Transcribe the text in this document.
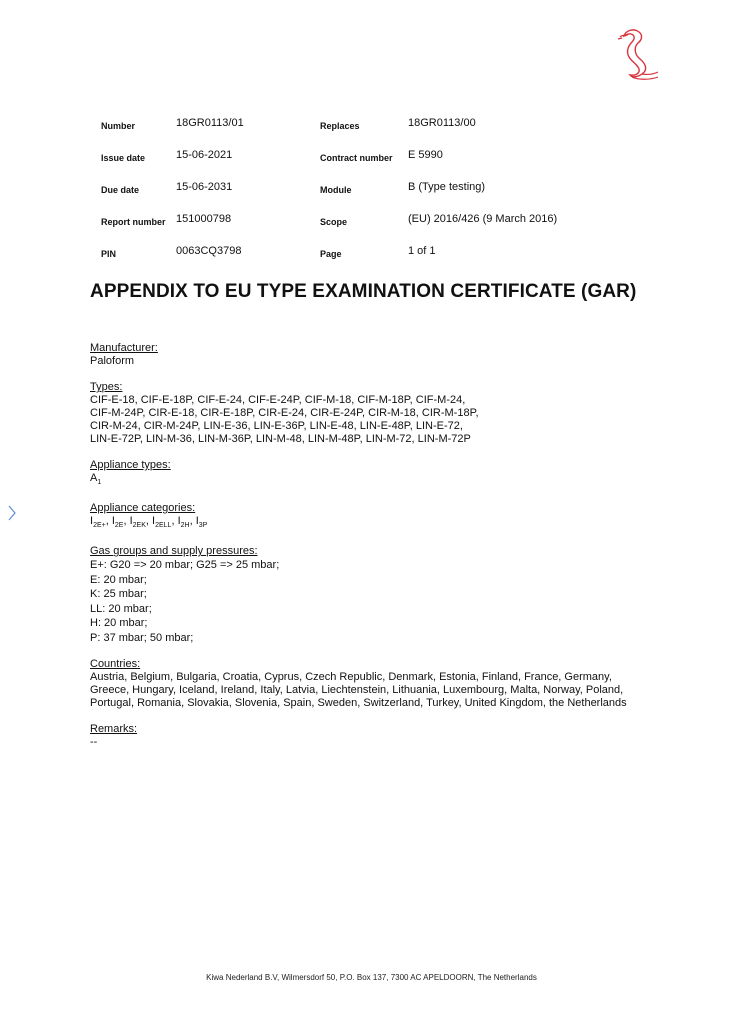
Number	18GR0113/01	Replaces	18GR0113/00
Issue date	15-06-2021	Contract number E 5990
Due date	15-06-2031	Module	B (Type testing)
Report number 151000798	Scope	(EU) 2016/426 (9 March 2016)
PIN	0063CQ3798	Page	1 of 1
APPENDIX TO EU TYPE EXAMINATION CERTIFICATE (GAR)
Manufacturer:
Paloform
Types:
CIF-E-18, CIF-E-18P, CIF-E-24, CIF-E-24P, CIF-M-18, CIF-M-18P, CIF-M-24,
CIF-M-24P, CIR-E-18, CIR-E-18P, CIR-E-24, CIR-E-24P, CIR-M-18, CIR-M-18P,
CIR-M-24, CIR-M-24P, LIN-E-36, LIN-E-36P, LIN-E-48, LIN-E-48P, LIN-E-72,
LIN-E-72P, LIN-M-36, LIN-M-36P, LIN-M-48, LIN-M-48P, LIN-M-72, LIN-M-72P
Appliance types:
$A_1$
Appliance categories:
$I_{2E+}$, $I_{2E}$, $I_{2EK}$, $I_{2ELL}$, $I_{2H}$, $I_{3P}$
Gas groups and supply pressures:
E+: G20 => 20 mbar; G25 => 25 mbar;
E: 20 mbar;
K: 25 mbar;
LL: 20 mbar;
H: 20 mbar;
P: 37 mbar; 50 mbar;
Countries:
Austria, Belgium, Bulgaria, Croatia, Cyprus, Czech Republic, Denmark, Estonia, Finland, France, Germany,
Greece, Hungary, Iceland, Ireland, Italy, Latvia, Liechtenstein, Lithuania, Luxembourg, Malta, Norway, Poland,
Portugal, Romania, Slovakia, Slovenia, Spain, Sweden, Switzerland, Turkey, United Kingdom, the Netherlands
Remarks:
--
Kiwa Nederland B.V, Wilmersdorf 50, P.O. Box 137, 7300 AC APELDOORN, The Netherlands
